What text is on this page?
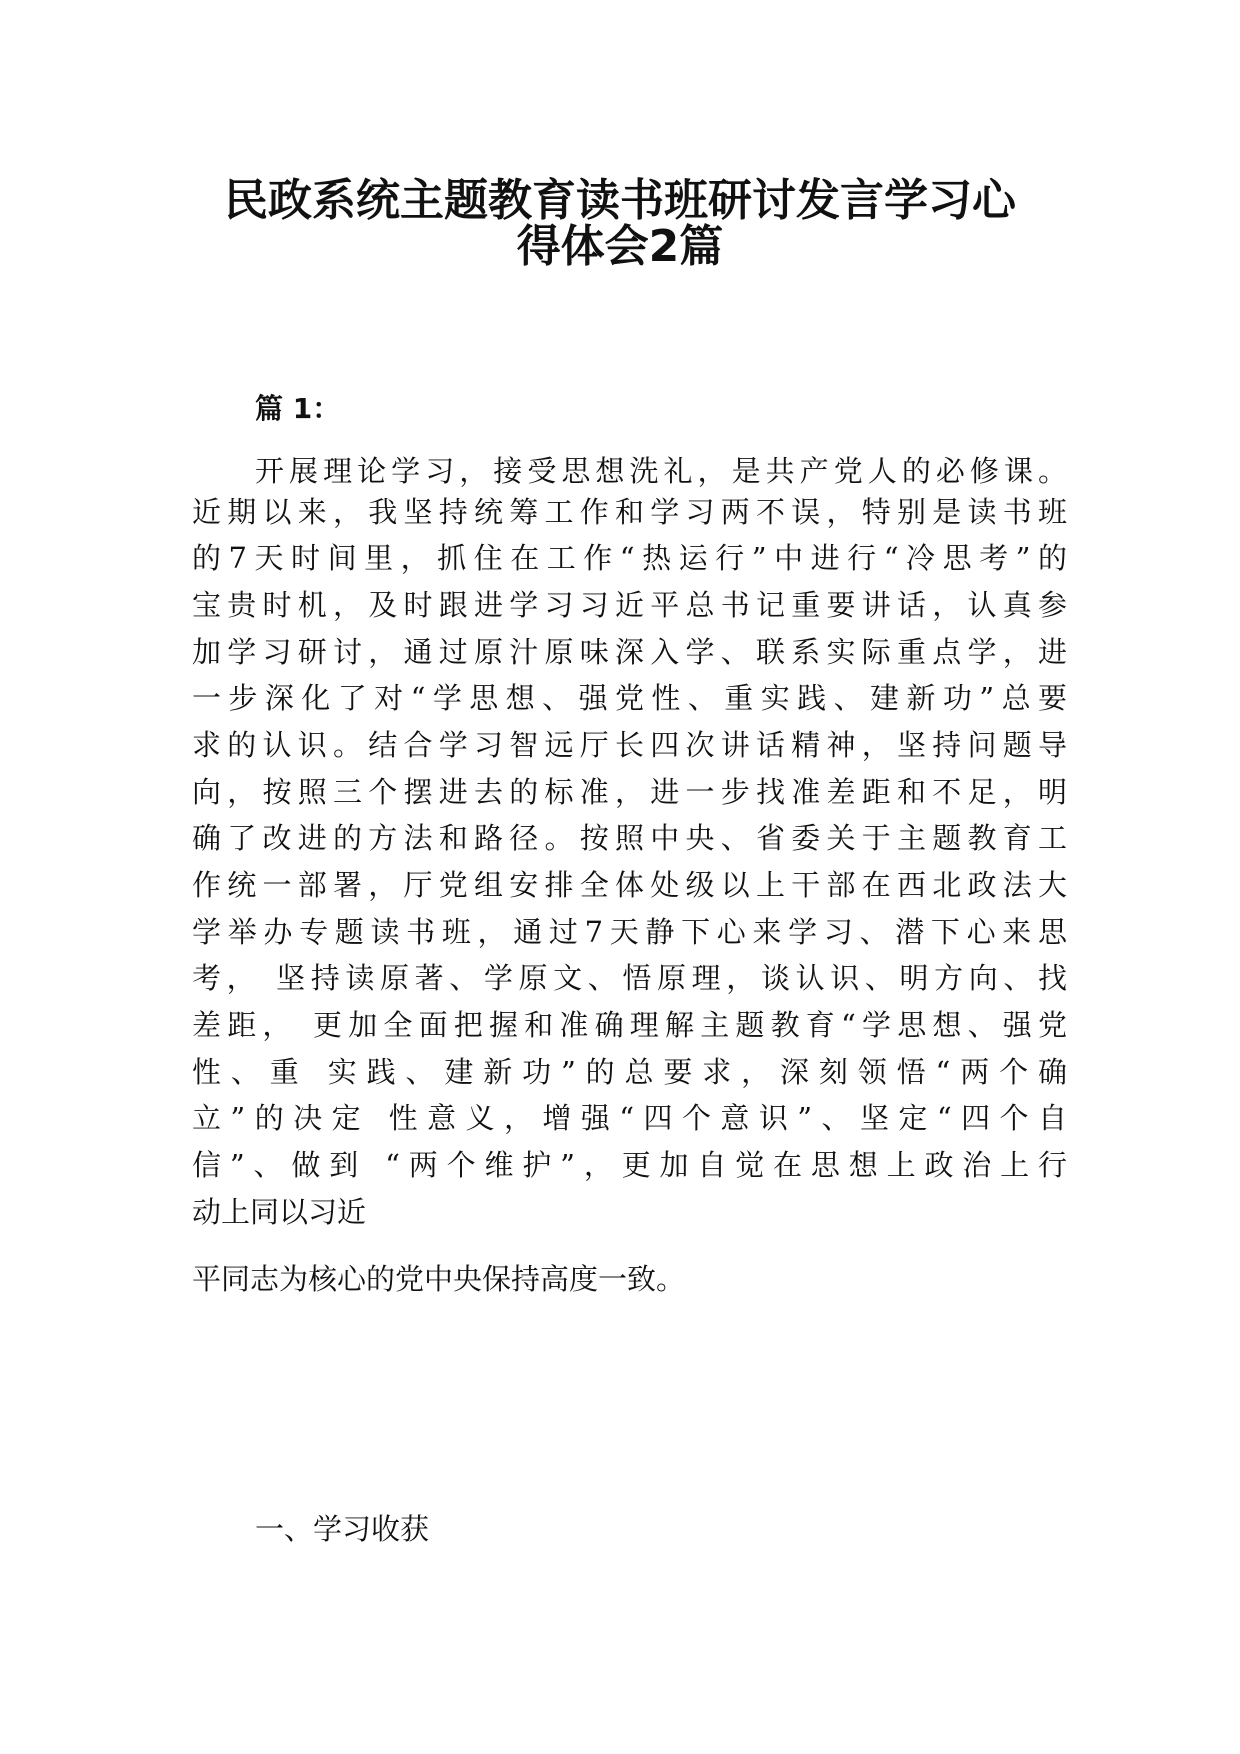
民政系统主题教育读书班研讨发言学习心
得体会2篇
篇 1：

开展理论学习，接受思想洗礼，是共产党人的必修课。

近期以来，我坚持统筹工作和学习两不误，特别是读书班

的7天时间里，抓住在工作“热运行”中进行“冷思考”的

宝贵时机，及时跟进学习习近平总书记重要讲话，认真参

加学习研讨，通过原汁原味深入学、联系实际重点学，进

一步深化了对“学思想、强党性、重实践、建新功”总要

求的认识。结合学习智远厅长四次讲话精神，坚持问题导

向，按照三个摆进去的标准，进一步找准差距和不足，明

确了改进的方法和路径。按照中央、省委关于主题教育工

作统一部署，厅党组安排全体处级以上干部在西北政法大

学举办专题读书班，通过7天静下心来学习、潜下心来思

考， 坚持读原著、学原文、悟原理，谈认识、明方向、找

差距， 更加全面把握和准确理解主题教育“学思想、强党

性、重 实践、建新功”的总要求，深刻领悟“两个确

立”的决定 性意义，增强“四个意识”、坚定“四个自

信”、做到 “两个维护”，更加自觉在思想上政治上行

动上同以习近

平同志为核心的党中央保持高度一致。

一、学习收获
